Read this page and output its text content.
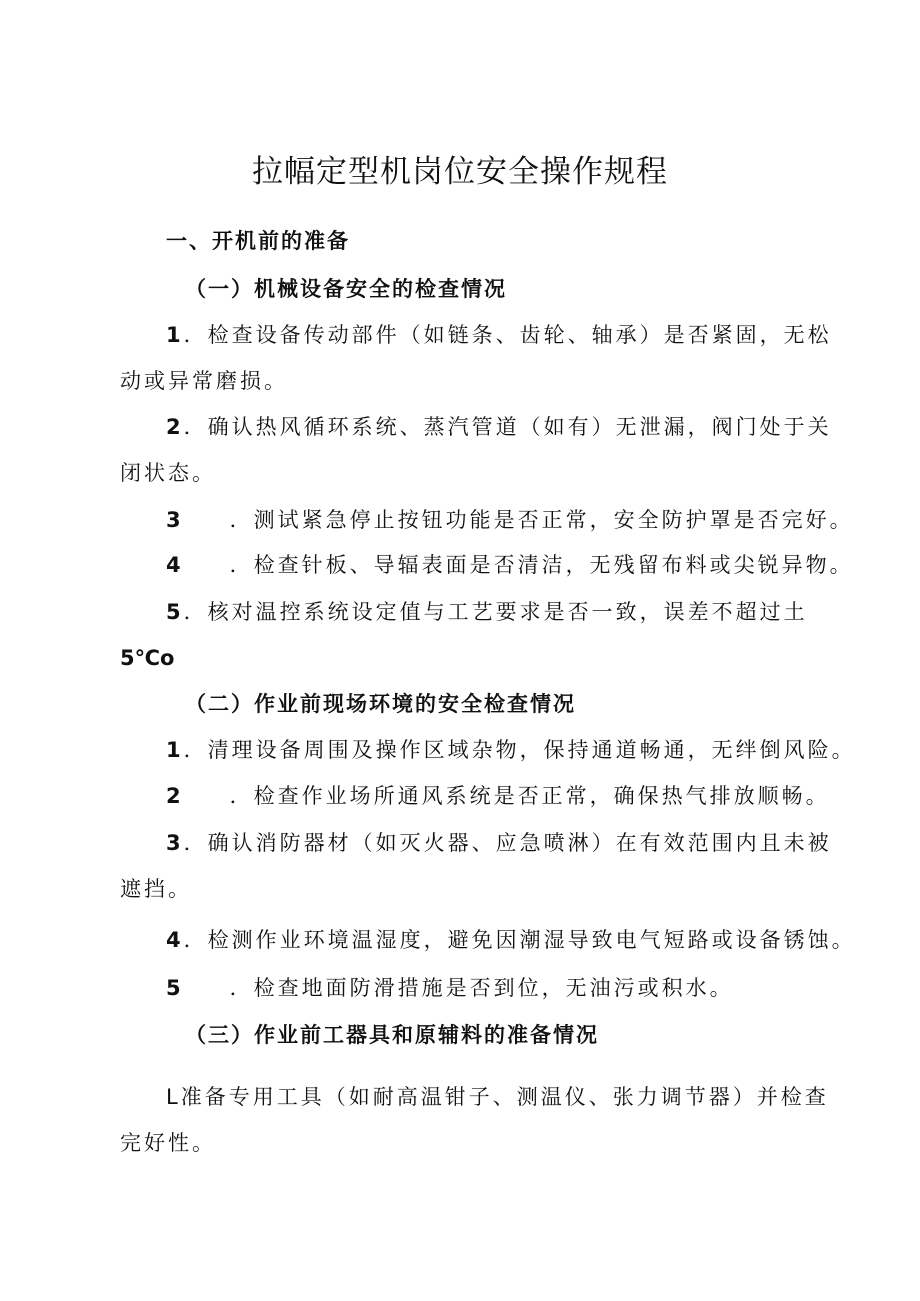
拉幅定型机岗位安全操作规程
一、开机前的准备
（一）机械设备安全的检查情况
1．检查设备传动部件（如链条、齿轮、轴承）是否紧固，无松
动或异常磨损。
2．确认热风循环系统、蒸汽管道（如有）无泄漏，阀门处于关
闭状态。
3 ．测试紧急停止按钮功能是否正常，安全防护罩是否完好。
4 ．检查针板、导辐表面是否清洁，无残留布料或尖锐异物。
5．核对温控系统设定值与工艺要求是否一致，误差不超过土
5℃o
（二）作业前现场环境的安全检查情况
1．清理设备周围及操作区域杂物，保持通道畅通，无绊倒风险。
2 ．检查作业场所通风系统是否正常，确保热气排放顺畅。
3．确认消防器材（如灭火器、应急喷淋）在有效范围内且未被
遮挡。
4．检测作业环境温湿度，避免因潮湿导致电气短路或设备锈蚀。
5 ．检查地面防滑措施是否到位，无油污或积水。
（三）作业前工器具和原辅料的准备情况
L准备专用工具（如耐高温钳子、测温仪、张力调节器）并检查
完好性。
